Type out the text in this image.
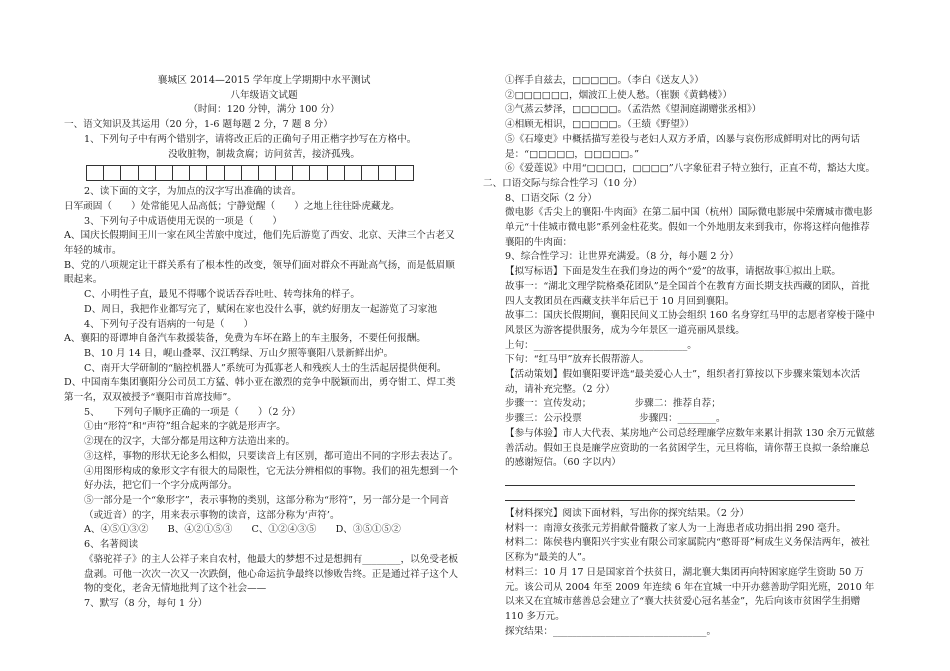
襄城区 2014—2015 学年度上学期期中水平测试

八年级语文试题

（时间：120 分钟，满分 100 分）

一、语文知识及其运用（20 分，1-6 题每题 2 分，7 题 8 分）

1、下列句子中有两个错别字，请将改正后的正确句子用正楷字抄写在方格中。

没收脏物，制裁贪腐；访问贫苦，接济孤残。

2、读下面的文字，为加点的汉字写出准确的读音。

日军顽固（　　）处常能见人品高低；宁静觉醒（　　）之地上往往卧虎藏龙。

3、下列句子中成语使用无误的一项是（　　）

A、国庆长假期间王川一家在风尘苦旅中度过，他们先后游览了西安、北京、天津三个古老又年轻的城市。

B、党的八项规定让干群关系有了根本性的改变，领导们面对群众不再趾高气扬，而是低眉顺眼起来。

C、小明性子直，最见不得哪个说话吞吞吐吐、转弯抹角的样子。

D、周日，我把作业都写完了，赋闲在家也没什么事，就约好朋友一起游览了习家池

4、下列句子没有语病的一句是（　　）

A、襄阳的哥谭坤自备汽车救援装备，免费为车坏在路上的车主服务，不要任何报酬。

B、10 月 14 日，岘山叠翠、汉江鸭绿、万山夕照等襄阳八景新鲜出炉。

C、南开大学研制的“脑控机器人”系统可为孤寡老人和残疾人士的生活起居提供便利。

D、中国南车集团襄阳分公司员工方猛、韩小亚在激烈的竞争中脱颖而出，勇夺钳工、焊工类第一名，双双被授予“襄阳市首席技师”。

5、　　下列句子顺序正确的一项是（　　）（2 分）

①由“形符”和“声符”组合起来的字就是形声字。

②现在的汉字，大部分都是用这种方法造出来的。

③这样，事物的形状无论多么相似，只要读音上有区别，都可造出不同的字形去表达了。

④用图形构成的象形文字有很大的局限性，它无法分辨相似的事物。我们的祖先想到一个好办法，把它们一个字分成两部分。

⑤一部分是一个“象形字”，表示事物的类别，这部分称为“形符”，另一部分是一个同音（或近音）的字，用来表示事物的读音，这部分称为‘声符’。

A、④⑤①③②　　B、④②①⑤③　　C、①②④③⑤　　D、③⑤①⑤②

6、名著阅读

《骆驼祥子》的主人公祥子来自农村，他最大的梦想不过是想拥有________，以免受老板盘剥。可他一次次一次又一次跌倒，他心命运抗争最终以惨败告终。正是通过祥子这个人物的变化，老舍无情地批判了这个社会——

7、默写（8 分，每句 1 分）

①挥手自兹去，□□□□□。（李白《送友人》）

②□□□□□□，烟波江上使人愁。（崔颢《黄鹤楼》）

③气蒸云梦泽，□□□□□。（孟浩然《望洞庭湖赠张丞相》）

④相顾无相识，□□□□□。（王绩《野望》）

⑤《石壕吏》中概括描写差役与老妇人双方矛盾，凶暴与哀伤形成鲜明对比的两句话是：“□□□□□，□□□□□。”

⑥《爱莲说》中用“□□□□，□□□□”八字象征君子特立独行，正直不苟，豁达大度。

二、口语交际与综合性学习（10 分）

8、口语交际（2 分）

微电影《舌尖上的襄阳·牛肉面》在第二届中国（杭州）国际微电影展中荣膺城市微电影单元“十佳城市微电影”系列金柱花奖。假如一个外地朋友来到我市，你将这样向他推荐襄阳的牛肉面：

9、综合性学习：让世界充满爱。（8 分，每小题 2 分）

【拟写标语】下面是发生在我们身边的两个“爱”的故事，请据故事①拟出上联。

故事一：“湖北文理学院格桑花团队”是全国首个在教育方面长期支扶西藏的团队，首批四人支教团员在西藏支扶半年后已于 10 月回到襄阳。

故事二：国庆长假期间，襄阳民间义工协会组织 160 名身穿红马甲的志愿者穿梭于隆中风景区为游客提供服务，成为今年景区一道亮丽风景线。

上句：________________________________。

下句：“红马甲”放弃长假帮游人。

【活动策划】假如襄阳要评选“最美爱心人士”，组织者打算按以下步骤来策划本次活动，请补充完整。（2 分）

步骤一：宣传发动；　　　　　步骤二：推荐自荐；

步骤三：公示投票　　　　　　步骤四：________。

【参与体验】市人大代表、某房地产公司总经理廉学应数年来累计捐款 130 余万元做慈善活动。假如王良是廉学应资助的一名贫困学生，元旦将临，请你帮王良拟一条给廉总的感谢短信。（60 字以内）

【材料探究】阅读下面材料，写出你的探究结果。（2 分）

材料一：南漳女孩张元芳捐献骨髓救了家人为一上海患者成功捐出捐 290 毫升。

材料二：陈侯巷内襄阳兴宇实业有限公司家属院内“憨哥哥”柯成生义务保洁两年，被社区称为“最美的人”。

材料三：10 月 17 日是国家首个扶贫日，湖北襄大集团再向特困家庭学生资助 50 万元。该公司从 2004 年至 2009 年连续 6 年在宜城一中开办慈善助学阳光班，2010 年以来又在宜城市慈善总会建立了“襄大扶贫爱心冠名基金”，先后向该市贫困学生捐赠 110 多万元。

探究结果：________________________________。
